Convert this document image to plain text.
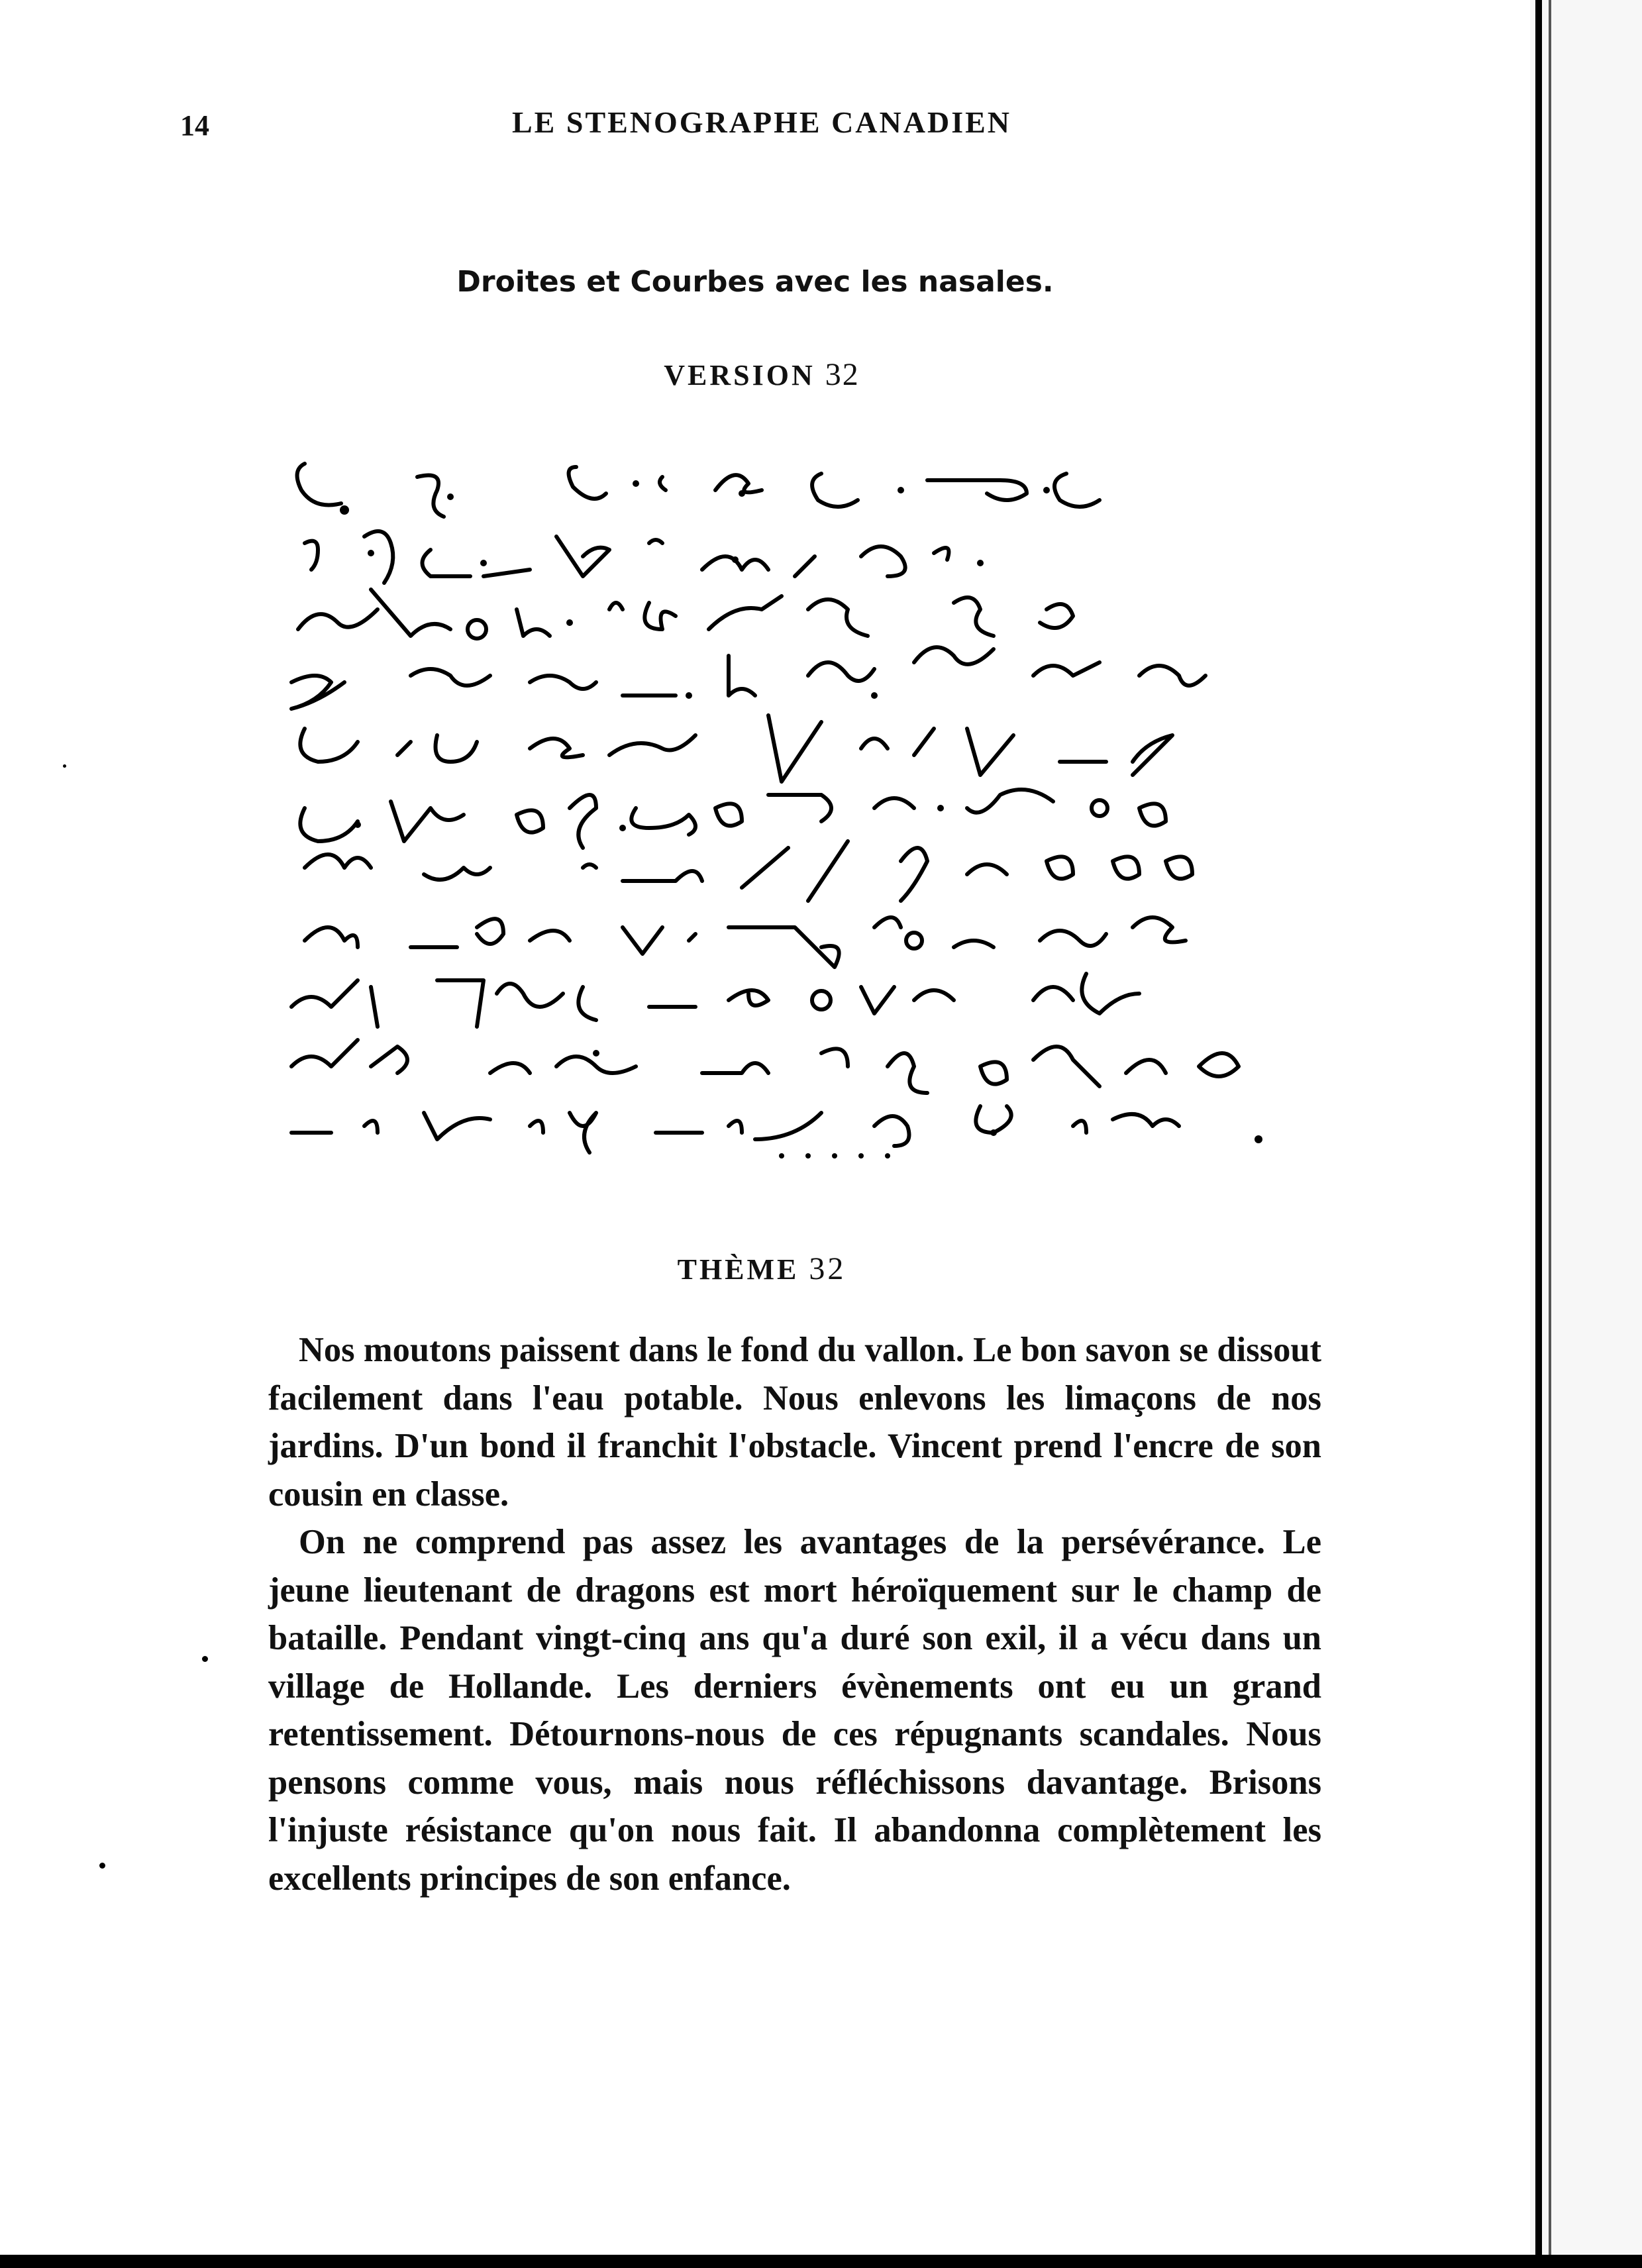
14	LE STENOGRAPHE CANADIEN
Droites et Courbes avec les nasales.
VERSION 32
THÈME 32

Nos moutons paissent dans le fond du vallon. Le bon savon se dissout facilement dans l'eau potable. Nous enlevons les limaçons de nos jardins. D'un bond il franchit l'obstacle. Vincent prend l'encre de son cousin en classe.

On ne comprend pas assez les avantages de la persévérance. Le jeune lieutenant de dragons est mort héroïquement sur le champ de bataille. Pendant vingt-cinq ans qu'a duré son exil, il a vécu dans un village de Hollande. Les derniers évènements ont eu un grand retentissement. Détournons-nous de ces répugnants scandales. Nous pensons comme vous, mais nous réfléchissons davantage. Brisons l'injuste résistance qu'on nous fait. Il abandonna complètement les excellents principes de son enfance.
